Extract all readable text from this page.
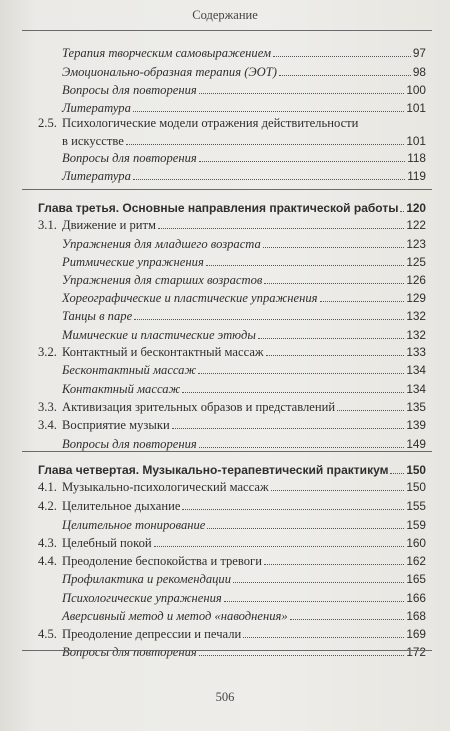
Содержание
Терапия творческим самовыражением	97
Эмоционально-образная терапия (ЭОТ)	98
Вопросы для повторения	100
Литература	101
2.5. Психологические модели отражения действительности
в искусстве	101
Вопросы для повторения	118
Литература	119
Глава третья. Основные направления практической работы 120
3.1. Движение и ритм	122
Упражнения для младшего возраста	123
Ритмические упражнения	125
Упражнения для старших возрастов	126
Хореографические и пластические упражнения	129
Танцы в паре	132
Мимические и пластические этюды	132
3.2. Контактный и бесконтактный массаж	133
Бесконтактный массаж	134
Контактный массаж	134
3.3. Активизация зрительных образов и представлений	135
3.4. Восприятие музыки	139
Вопросы для повторения	149
Глава четвертая. Музыкально-терапевтический практикум 150
4.1. Музыкально-психологический массаж	150
4.2. Целительное дыхание	155
Целительное тонирование	159
4.3. Целебный покой	160
4.4. Преодоление беспокойства и тревоги	162
Профилактика и рекомендации	165
Психологические упражнения	166
Аверсивный метод и метод «наводнения»	168
4.5. Преодоление депрессии и печали	169
Вопросы для повторения	172
506
